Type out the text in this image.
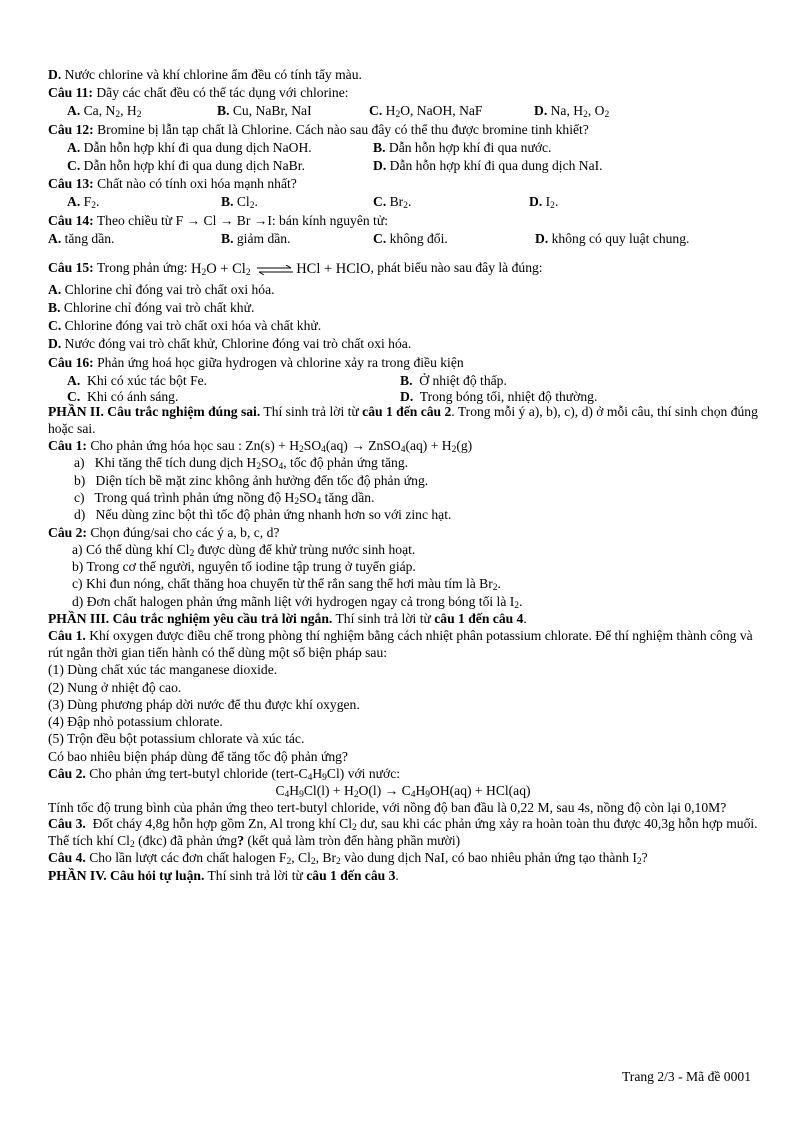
D. Nước chlorine và khí chlorine ẩm đều có tính tẩy màu.
Câu 11: Dãy các chất đều có thể tác dụng với chlorine:
A. Ca, $N_2$, $H_2$	B. Cu, NaBr, NaI	C. $H_2O$, NaOH, NaF	D. Na, $H_2$, $O_2$
Câu 12: Bromine bị lẫn tạp chất là Chlorine. Cách nào sau đây có thể thu được bromine tinh khiết?
A. Dẫn hỗn hợp khí đi qua dung dịch NaOH.	B. Dẫn hỗn hợp khí đi qua nước.
C. Dẫn hỗn hợp khí đi qua dung dịch NaBr.	D. Dẫn hỗn hợp khí đi qua dung dịch NaI.
Câu 13: Chất nào có tính oxi hóa mạnh nhất?
A. $F_2$.	B. $Cl_2$.	C. $Br_2$.	D. $I_2$.
Câu 14: Theo chiều từ F → Cl → Br →I: bán kính nguyên tử:
A. tăng dần.	B. giảm dần.	C. không đổi.	D. không có quy luật chung.
Câu 15: Trong phản ứng: $H_2O + Cl_2$ ⇌ HCl + HClO, phát biểu nào sau đây là đúng:
A. Chlorine chỉ đóng vai trò chất oxi hóa.
B. Chlorine chỉ đóng vai trò chất khử.
C. Chlorine đóng vai trò chất oxi hóa và chất khử.
D. Nước đóng vai trò chất khử, Chlorine đóng vai trò chất oxi hóa.
Câu 16: Phản ứng hoá học giữa hydrogen và chlorine xảy ra trong điều kiện
A. Khi có xúc tác bột Fe.	B. Ở nhiệt độ thấp.
C. Khi có ánh sáng.	D. Trong bóng tối, nhiệt độ thường.
PHẦN II. Câu trắc nghiệm đúng sai. Thí sinh trả lời từ câu 1 đến câu 2. Trong mỗi ý a), b), c), d) ở mỗi câu, thí sinh chọn đúng hoặc sai.
Câu 1: Cho phản ứng hóa học sau : $Zn(s) + H_2SO_4(aq)$ → ZnSO$_4$(aq) + $H_2(g)$
a)   Khi tăng thể tích dung dịch $H_2SO_4$, tốc độ phản ứng tăng.
b)   Diện tích bề mặt zinc không ảnh hưởng đến tốc độ phản ứng.
c)   Trong quá trình phản ứng nồng độ $H_2SO_4$ tăng dần.
d)   Nếu dùng zinc bột thì tốc độ phản ứng nhanh hơn so với zinc hạt.
Câu 2: Chọn đúng/sai cho các ý a, b, c, d?
a) Có thể dùng khí $Cl_2$ được dùng để khử trùng nước sinh hoạt.
b) Trong cơ thể người, nguyên tố iodine tập trung ở tuyến giáp.
c) Khi đun nóng, chất thăng hoa chuyển từ thể rắn sang thể hơi màu tím là $Br_2$.
d) Đơn chất halogen phản ứng mãnh liệt với hydrogen ngay cả trong bóng tối là $I_2$.
PHẦN III. Câu trắc nghiệm yêu cầu trả lời ngắn. Thí sinh trả lời từ câu 1 đến câu 4.
Câu 1. Khí oxygen được điều chế trong phòng thí nghiệm bằng cách nhiệt phân potassium chlorate. Để thí nghiệm thành công và rút ngắn thời gian tiến hành có thể dùng một số biện pháp sau:
(1) Dùng chất xúc tác manganese dioxide.
(2) Nung ở nhiệt độ cao.
(3) Dùng phương pháp dời nước để thu được khí oxygen.
(4) Đập nhỏ potassium chlorate.
(5) Trộn đều bột potassium chlorate và xúc tác.
Có bao nhiêu biện pháp dùng để tăng tốc độ phản ứng?
Câu 2. Cho phản ứng tert-butyl chloride $(tert-C_4H_9Cl)$ với nước:
$C_4H_9Cl(l) + H_2O(l) \to C_4H_9OH(aq) + HCl(aq)$
Tính tốc độ trung bình của phản ứng theo tert-butyl chloride, với nồng độ ban đầu là 0,22 M, sau 4s, nồng độ còn lại 0,10M?
Câu 3. Đốt cháy 4,8g hỗn hợp gồm Zn, Al trong khí $Cl_2$ dư, sau khi các phản ứng xảy ra hoàn toàn thu được 40,3g hỗn hợp muối. Thể tích khí $Cl_2$ (đkc) đã phản ứng? (kết quả làm tròn đến hàng phần mười)
Câu 4. Cho lần lượt các đơn chất halogen $F_2$, $Cl_2$, $Br_2$ vào dung dịch NaI, có bao nhiêu phản ứng tạo thành $I_2$?
PHẦN IV. Câu hỏi tự luận. Thí sinh trả lời từ câu 1 đến câu 3.
Trang 2/3 - Mã đề 0001
